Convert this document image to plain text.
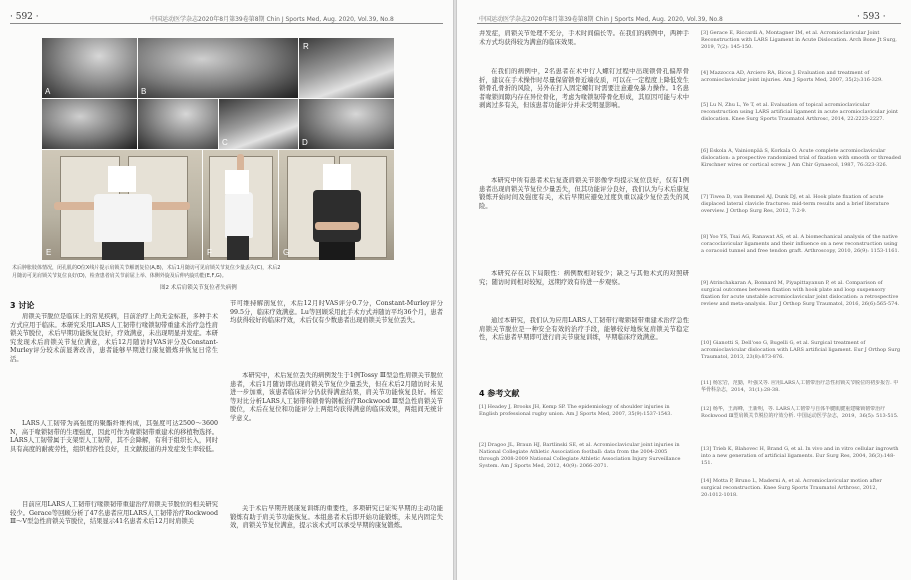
· 592 ·	中国运动医学杂志2020年8月第39卷第8期 Chin J Sports Med, Aug. 2020, Vol.39, No.8
A	B
R
C	D
E	F	G
术后肿胀肢体情况，闭孔肌的O位X线片提示肩锁关节解剖复位(A,B)，术后1月随访可见肩锁关节复位少量丢失(C)，术后2
月随访可见肩锁关节复位良好(D)，检查患者肩关节前屈上举、体侧外旋及后伸内旋功能(E,F,G)。
图2 术后肩锁关节复位者失病例
3 讨论
肩锁关节脱位是临床上的常见疾病，目前治疗上尚无金标准，多种手术方式应用于临床。本研究采用LARS人工韧带行喙锁韧带重建术治疗急性肩锁关节脱位，术后早期功能恢复良好，疗效满意，未出现明显并发症。本研究发现术后肩锁关节复位满意，术后12月随访时VAS评分及Constant-Murley评分较术前显著改善，患者能够早期进行康复锻炼并恢复日常生活。
LARS人工韧带为高强度的聚酯纤维构成，其强度可达2500～3600 N，高于喙锁韧带的生理强度，因此可作为喙锁韧带重建术的移植物选择。LARS人工韧带属于支架型人工韧带，其不会降解，有利于组织长入，同时具有高度的耐疲劳性，组织相容性良好，且文献报道的并发症发生率较低。
目前应用LARS人工韧带行喙锁韧带重建治疗肩锁关节脱位的相关研究较少。Gerace等回顾分析了47名患者应用LARS人工韧带治疗Rockwood Ⅲ～Ⅴ型急性肩锁关节脱位，结果显示41名患者术后12月时肩锁关
节可维持解剖复位，术后12月时VAS评分0.7分，Constant-Murley评分99.5分，临床疗效满意。Lu等回顾采用此手术方式并随访平均36个月，患者均获得较好的临床疗效，术后仅有少数患者出现肩锁关节复位丢失。
本研究中，术后复位丢失的病例发生于1例Tossy Ⅲ型急性肩锁关节脱位患者，术后1月随访即出现肩锁关节复位少量丢失，但在术后2月随访时未见进一步加重，该患者临床评分仍获得满意结果，肩关节功能恢复良好。杨宏等对比分析LARS人工韧带和锁骨钩钢板治疗Rockwood Ⅲ型急性肩锁关节脱位，术后在复位和功能评分上两组均获得满意的临床效果，两组间无统计学意义。
关于术后早期开展康复训练的重要性，多项研究已证实早期的主动功能锻炼有助于肩关节功能恢复。本组患者术后即开始功能锻炼，未见内固定失效，肩锁关节复位满意，提示该术式可以承受早期的康复锻炼。
中国运动医学杂志2020年8月第39卷第8期 Chin J Sports Med, Aug. 2020, Vol.39, No.8	· 593 ·
并发症，肩锁关节处理不充分，手术时间偏长等。在我们的病例中，两种手术方式均获得较为满意的临床效果。
在我们的病例中，2名患者在术中行人螺钉过程中出现锁骨孔偏厚骨折，建议在手术操作时尽量保留锁骨近端皮质，可以在一定程度上降低发生锁骨孔骨折的风险，另外在打入固定螺钉时需要注意避免暴力操作。1名患者喙锁间隙内存在异位骨化，考虑为喙锁韧带骨化形成，其原因可能与术中剥离过多有关，但该患者功能评分并未受明显影响。
本研究中所有患者术后复查肩锁关节影像学均提示复位良好，仅有1例患者出现肩锁关节复位少量丢失，但其功能评分良好，我们认为与术后康复锻炼开始时间及强度有关，术后早期应避免过度负重以减少复位丢失的风险。
本研究存在以下局限性：病例数相对较少；缺乏与其他术式的对照研究；随访时间相对较短，远期疗效有待进一步观察。
通过本研究，我们认为应用LARS人工韧带行喙锁韧带重建术治疗急性肩锁关节脱位是一种安全有效的治疗手段，能够较好地恢复肩锁关节稳定性，术后患者早期即可进行肩关节康复训练，早期临床疗效满意。
4 参考文献
[1] Headey J, Brooks JH, Kemp SP. The epidemiology of shoulder injuries in English professional rugby union. Am J Sports Med, 2007, 35(9):1537-1543.
[2] Dragoo JL, Braun HJ, Bartlinski SE, et al. Acromioclavicular joint injuries in National Collegiate Athletic Association football: data from the 2004-2005 through 2008-2009 National Collegiate Athletic Association Injury Surveillance System. Am J Sports Med, 2012, 40(9): 2066-2071.
[3] Gerace E, Riccardi A, Montagner IM, et al. Acromioclavicular Joint Reconstruction with LARS Ligament in Acute Dislocation. Arch Bone Jt Surg, 2019, 7(2): 145-150.
[4] Mazzocca AD, Arciero RA, Bicos J. Evaluation and treatment of acromioclavicular joint injuries. Am J Sports Med, 2007, 35(2):316-329.
[5] Lu N, Zhu L, Ye T, et al. Evaluation of topical acromioclavicular reconstruction using LARS artificial ligament in acute acromioclavicular joint dislocation. Knee Surg Sports Traumatol Arthrosc, 2014, 22:2223-2227.
[6] Eskola A, Vainionpää S, Korkala O. Acute complete acromioclavicular dislocation: a prospective randomized trial of fixation with smooth or threaded Kirschner wires or cortical screw. J Am Chir Gynaecol, 1987, 76:323-326.
[7] Tiwea D, van Bemmel AJ, Dunk DJ, et al. Hook plate fixation of acute displaced lateral clavicle fractures: mid-term results and a brief literature overview. J Orthop Surg Res, 2012, 7:2-9.
[8] Yoo YS, Tsai AG, Ranawat AS, et al. A biomechanical analysis of the native coracoclavicular ligaments and their influence on a new reconstruction using a coracoid tunnel and free tendon graft. Arthroscopy, 2010, 26(9): 1153-1161.
[9] Atrinchakaran A, Bonnard M, Piyapittayanun P, et al. Comparison of surgical outcomes between fixation with hook plate and loop suspensory fixation for acute unstable acromioclavicular joint dislocation: a retrospective review and meta-analysis. Eur J Orthop Surg Traumatol, 2016, 26(6):565-574.
[10] Gianotti S, Dell'oso G, Bugelli G, et al. Surgical treatment of acromioclavicular dislocation with LARS artificial ligament. Eur J Orthop Surg Traumatol, 2013, 23(8):873-876.
[11] 杨宏岩，范勤，叶强又等. 应用LARS人工韧带治疗急性肩锁关节脱位的初步报告. 中华骨科杂志，2014，31(1):28-38.
[12] 杨华，王海峰，王新明，等. LARS人工韧带与自体半腱肌腱重建喙锁韧带治疗Rockwood Ⅲ型肩锁关节脱位的疗效分析. 中国运动医学杂志，2019，36(5): 513-515.
[13] Trieb K, Blahovec H, Brand G, et al. In vivo and in vitro cellular ingrowth into a new generation of artificial ligaments. Eur Surg Res, 2004, 36(3):148-151.
[14] Motta P, Bruno L, Maderni A, et al. Acromioclavicular motion after surgical reconstruction. Knee Surg Sports Traumatol Arthrosc, 2012, 20:1012-1018.
